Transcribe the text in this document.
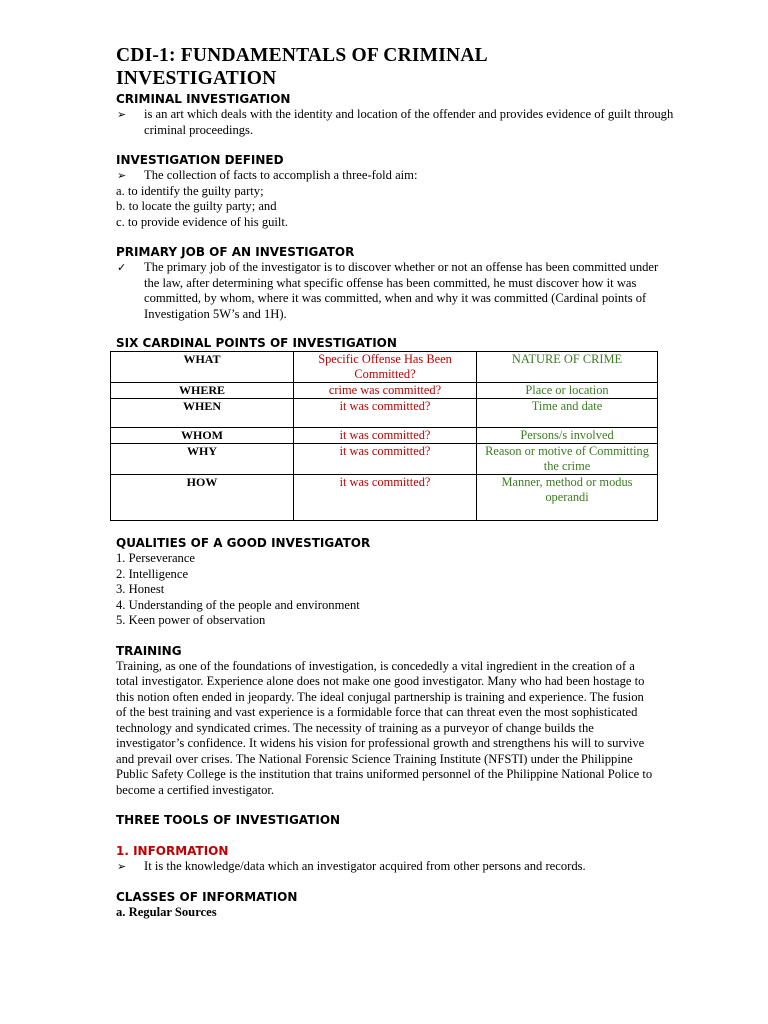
CDI-1: FUNDAMENTALS OF CRIMINAL INVESTIGATION

CRIMINAL INVESTIGATION

➢ is an art which deals with the identity and location of the offender and provides evidence of guilt through criminal proceedings.

INVESTIGATION DEFINED

➢ The collection of facts to accomplish a three-fold aim:

a. to identify the guilty party;

b. to locate the guilty party; and

c. to provide evidence of his guilt.

PRIMARY JOB OF AN INVESTIGATOR

✓ The primary job of the investigator is to discover whether or not an offense has been committed under the law, after determining what specific offense has been committed, he must discover how it was committed, by whom, where it was committed, when and why it was committed (Cardinal points of Investigation 5W’s and 1H).

SIX CARDINAL POINTS OF INVESTIGATION

WHAT	Specific Offense Has Been Committed?	NATURE OF CRIME
WHERE	crime was committed?	Place or location
WHEN	it was committed?	Time and date
WHOM	it was committed?	Persons/s involved
WHY	it was committed?	Reason or motive of Committing the crime
HOW	it was committed?	Manner, method or modus operandi

QUALITIES OF A GOOD INVESTIGATOR

1. Perseverance

2. Intelligence

3. Honest

4. Understanding of the people and environment

5. Keen power of observation

TRAINING

Training, as one of the foundations of investigation, is concededly a vital ingredient in the creation of a total investigator. Experience alone does not make one good investigator. Many who had been hostage to this notion often ended in jeopardy. The ideal conjugal partnership is training and experience. The fusion of the best training and vast experience is a formidable force that can threat even the most sophisticated technology and syndicated crimes. The necessity of training as a purveyor of change builds the investigator’s confidence. It widens his vision for professional growth and strengthens his will to survive and prevail over crises. The National Forensic Science Training Institute (NFSTI) under the Philippine Public Safety College is the institution that trains uniformed personnel of the Philippine National Police to become a certified investigator.

THREE TOOLS OF INVESTIGATION

1. INFORMATION

➢ It is the knowledge/data which an investigator acquired from other persons and records.

CLASSES OF INFORMATION

a. Regular Sources
